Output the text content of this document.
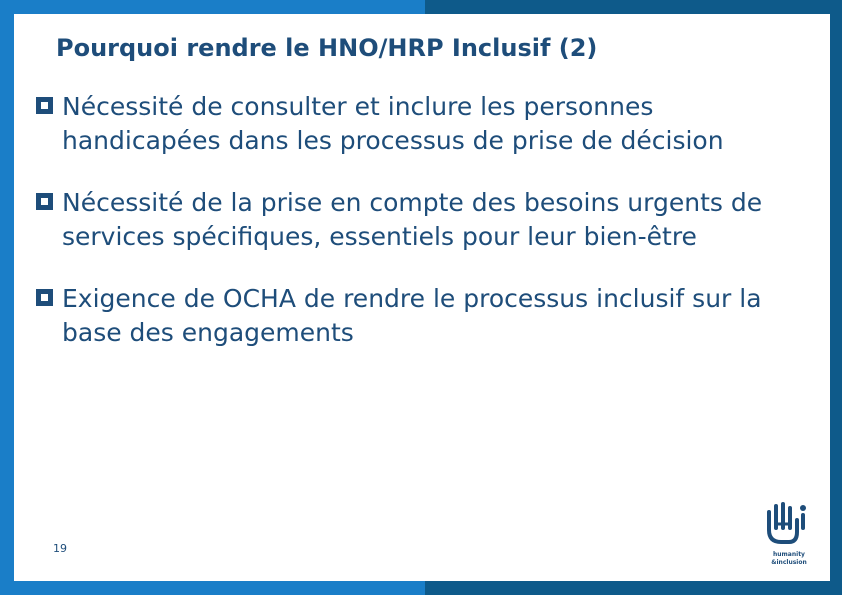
Pourquoi rendre le HNO/HRP Inclusif (2)
Nécessité de consulter et inclure les personnes handicapées dans les processus de prise de décision
Nécessité de la prise en compte des besoins urgents de services spécifiques, essentiels pour leur bien-être
Exigence de OCHA de rendre le processus inclusif sur la base des engagements
19	humanity
&inclusion
